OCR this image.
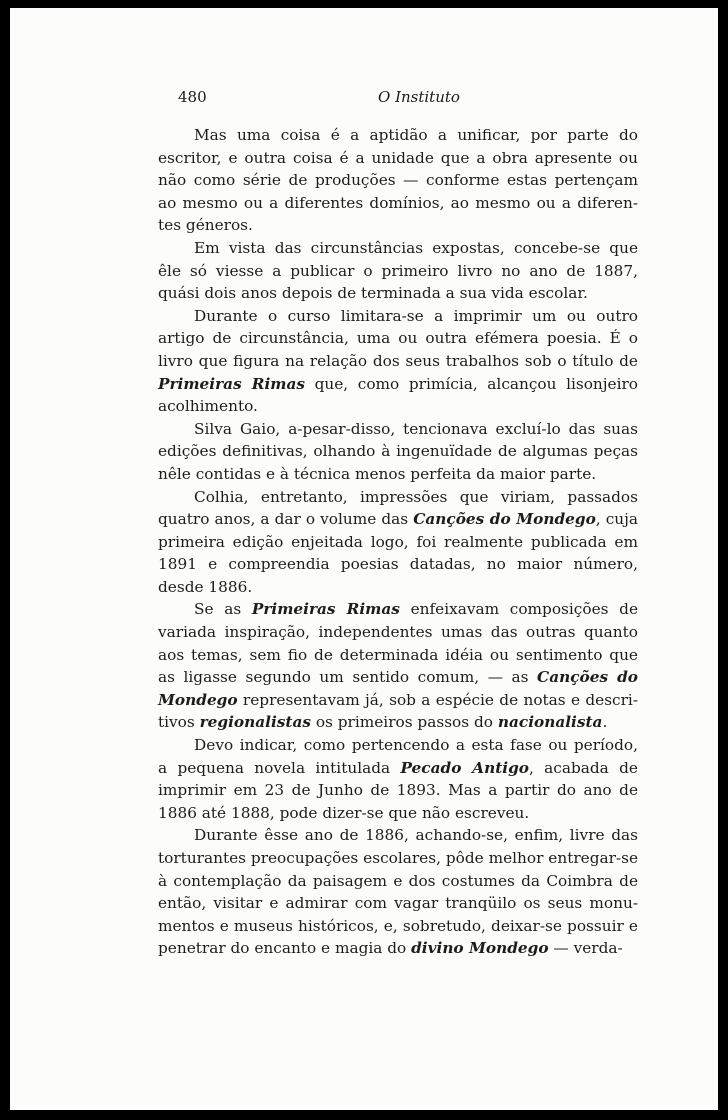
480	O Instituto

Mas uma coisa é a aptidão a unificar, por parte do escritor, e outra coisa é a unidade que a obra apresente ou não como série de produções — conforme estas pertençam ao mesmo ou a diferentes domínios, ao mesmo ou a diferentes géneros.

Em vista das circunstâncias expostas, concebe-se que êle só viesse a publicar o primeiro livro no ano de 1887, quási dois anos depois de terminada a sua vida escolar.

Durante o curso limitara-se a imprimir um ou outro artigo de circunstância, uma ou outra efémera poesia. É o livro que figura na relação dos seus trabalhos sob o título de Primeiras Rimas que, como primícia, alcançou lisonjeiro acolhimento.

Silva Gaio, a-pesar-disso, tencionava excluí-lo das suas edições definitivas, olhando à ingenuïdade de algumas peças nêle contidas e à técnica menos perfeita da maior parte.

Colhia, entretanto, impressões que viriam, passados quatro anos, a dar o volume das Canções do Mondego, cuja primeira edição enjeitada logo, foi realmente publicada em 1891 e compreendia poesias datadas, no maior número, desde 1886.

Se as Primeiras Rimas enfeixavam composições de variada inspiração, independentes umas das outras quanto aos temas, sem fio de determinada idéia ou sentimento que as ligasse segundo um sentido comum, — as Canções do Mondego representavam já, sob a espécie de notas e descritivos regionalistas os primeiros passos do nacionalista.

Devo indicar, como pertencendo a esta fase ou período, a pequena novela intitulada Pecado Antigo, acabada de imprimir em 23 de Junho de 1893. Mas a partir do ano de 1886 até 1888, pode dizer-se que não escreveu.

Durante êsse ano de 1886, achando-se, enfim, livre das torturantes preocupações escolares, pôde melhor entregar-se à contemplação da paisagem e dos costumes da Coimbra de então, visitar e admirar com vagar tranqüilo os seus monumentos e museus históricos, e, sobretudo, deixar-se possuir e penetrar do encanto e magia do divino Mondego — verda-
